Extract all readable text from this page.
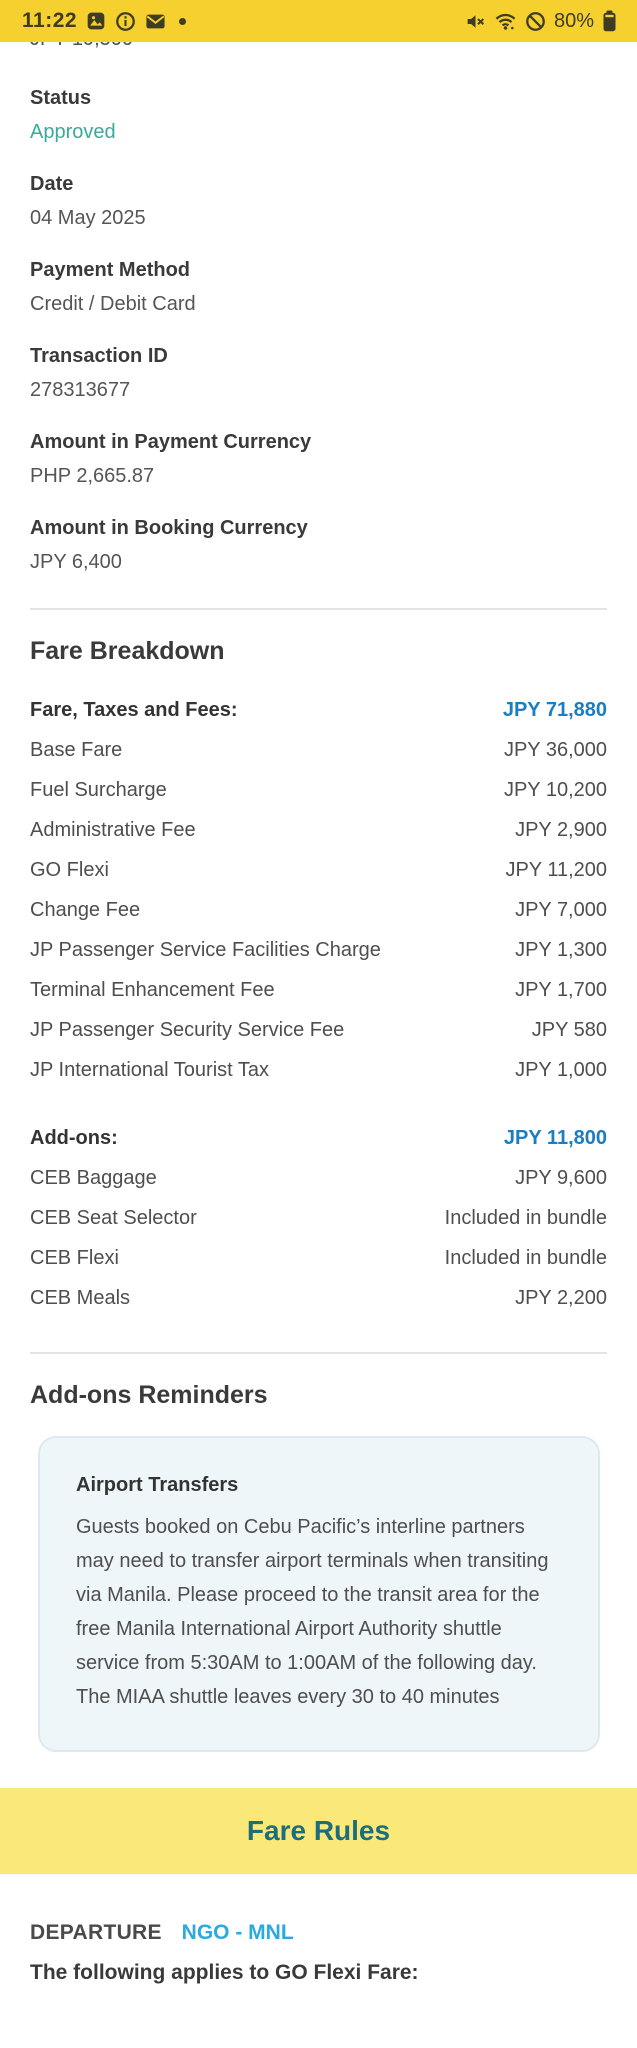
11:22	80%
Status
Approved
Date
04 May 2025
Payment Method
Credit / Debit Card
Transaction ID
278313677
Amount in Payment Currency
PHP 2,665.87
Amount in Booking Currency
JPY 6,400
Fare Breakdown
Fare, Taxes and Fees:	JPY 71,880
Base Fare	JPY 36,000
Fuel Surcharge	JPY 10,200
Administrative Fee	JPY 2,900
GO Flexi	JPY 11,200
Change Fee	JPY 7,000
JP Passenger Service Facilities Charge	JPY 1,300
Terminal Enhancement Fee	JPY 1,700
JP Passenger Security Service Fee	JPY 580
JP International Tourist Tax	JPY 1,000
Add-ons:	JPY 11,800
CEB Baggage	JPY 9,600
CEB Seat Selector	Included in bundle
CEB Flexi	Included in bundle
CEB Meals	JPY 2,200
Add-ons Reminders
Airport Transfers
Guests booked on Cebu Pacific’s interline partners may need to transfer airport terminals when transiting via Manila. Please proceed to the transit area for the free Manila International Airport Authority shuttle service from 5:30AM to 1:00AM of the following day. The MIAA shuttle leaves every 30 to 40 minutes
Fare Rules
DEPARTURE NGO - MNL
The following applies to GO Flexi Fare:
